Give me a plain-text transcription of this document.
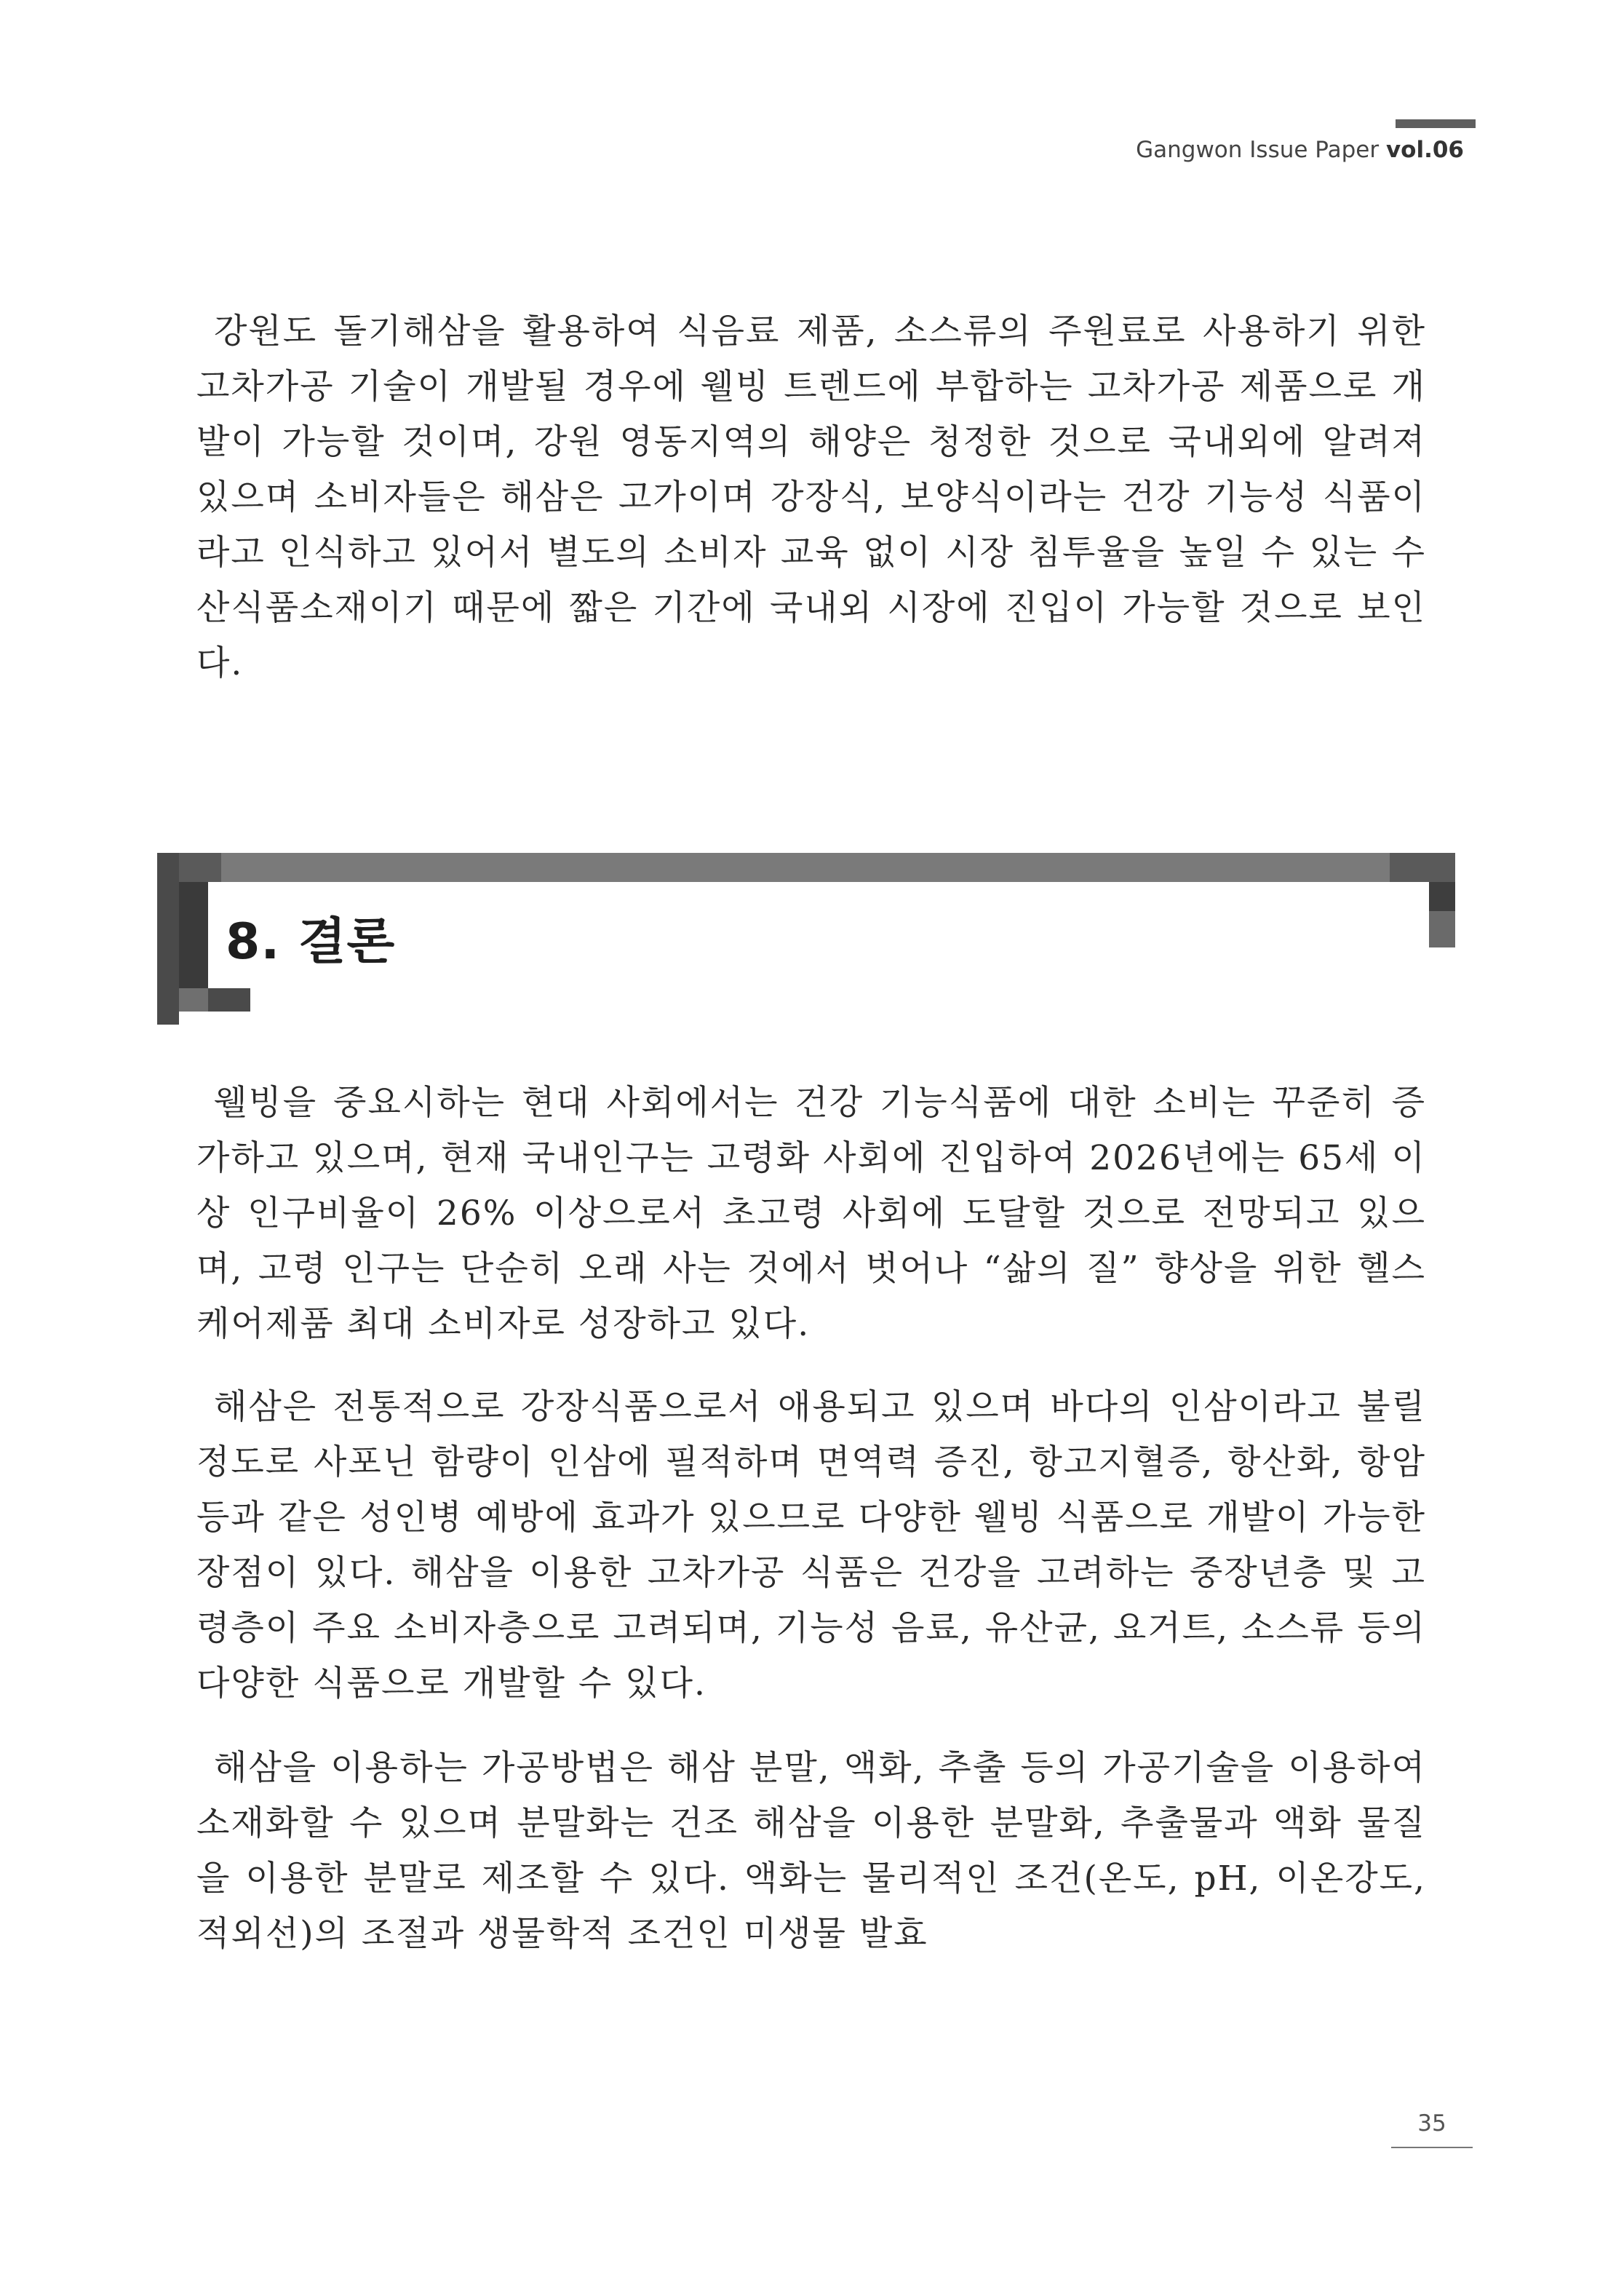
Gangwon Issue Paper vol.06

강원도 돌기해삼을 활용하여 식음료 제품, 소스류의 주원료로 사용하기 위한 고차가공 기술이 개발될 경우에 웰빙 트렌드에 부합하는 고차가공 제품으로 개발이 가능할 것이며, 강원 영동지역의 해양은 청정한 것으로 국내외에 알려져 있으며 소비자들은 해삼은 고가이며 강장식, 보양식이라는 건강 기능성 식품이라고 인식하고 있어서 별도의 소비자 교육 없이 시장 침투율을 높일 수 있는 수산식품소재이기 때문에 짧은 기간에 국내외 시장에 진입이 가능할 것으로 보인다.

8. 결론

웰빙을 중요시하는 현대 사회에서는 건강 기능식품에 대한 소비는 꾸준히 증가하고 있으며, 현재 국내인구는 고령화 사회에 진입하여 2026년에는 65세 이상 인구비율이 26% 이상으로서 초고령 사회에 도달할 것으로 전망되고 있으며, 고령 인구는 단순히 오래 사는 것에서 벗어나 “삶의 질” 향상을 위한 헬스케어제품 최대 소비자로 성장하고 있다.

해삼은 전통적으로 강장식품으로서 애용되고 있으며 바다의 인삼이라고 불릴 정도로 사포닌 함량이 인삼에 필적하며 면역력 증진, 항고지혈증, 항산화, 항암 등과 같은 성인병 예방에 효과가 있으므로 다양한 웰빙 식품으로 개발이 가능한 장점이 있다. 해삼을 이용한 고차가공 식품은 건강을 고려하는 중장년층 및 고령층이 주요 소비자층으로 고려되며, 기능성 음료, 유산균, 요거트, 소스류 등의 다양한 식품으로 개발할 수 있다.

해삼을 이용하는 가공방법은 해삼 분말, 액화, 추출 등의 가공기술을 이용하여 소재화할 수 있으며 분말화는 건조 해삼을 이용한 분말화, 추출물과 액화 물질을 이용한 분말로 제조할 수 있다. 액화는 물리적인 조건(온도, pH, 이온강도, 적외선)의 조절과 생물학적 조건인 미생물 발효

35
